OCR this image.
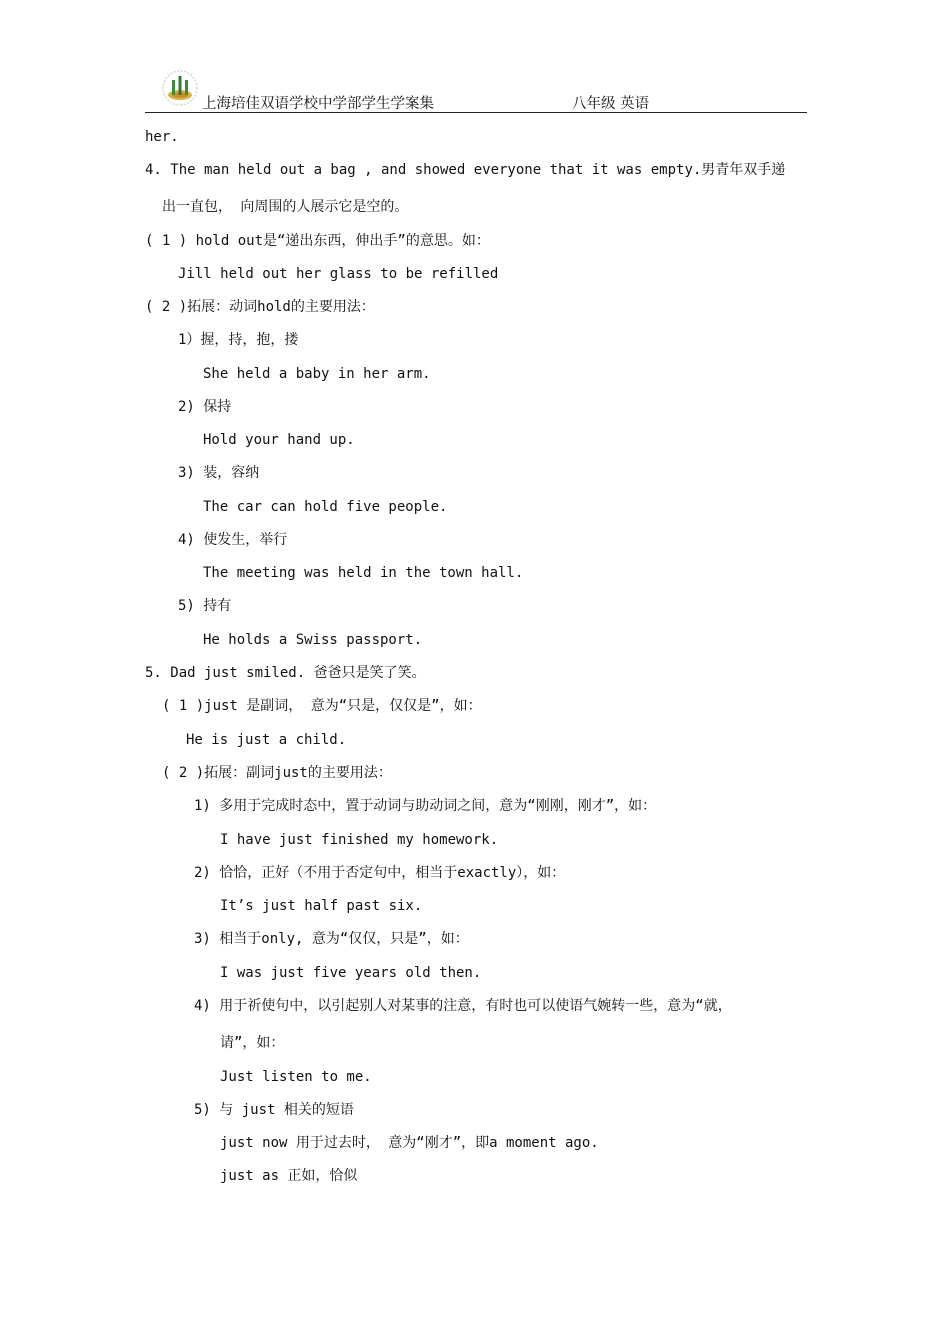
上海培佳双语学校中学部学生学案集	八年级 英语
her.
4. The man held out a bag , and showed everyone that it was empty.男青年双手递
出一直包， 向周围的人展示它是空的。
( 1 ) hold out是“递出东西，伸出手”的意思。如：
Jill held out her glass to be refilled
( 2 )拓展：动词hold的主要用法：
1）握，持，抱，搂
She held a baby in her arm.
2) 保持
Hold your hand up.
3) 装，容纳
The car can hold five people.
4) 使发生，举行
The meeting was held in the town hall.
5) 持有
He holds a Swiss passport.
5. Dad just smiled. 爸爸只是笑了笑。
( 1 )just 是副词， 意为“只是，仅仅是”，如：
He is just a child.
( 2 )拓展：副词just的主要用法：
1) 多用于完成时态中，置于动词与助动词之间，意为“刚刚，刚才”，如：
I have just finished my homework.
2) 恰恰，正好（不用于否定句中，相当于exactly），如：
It’s just half past six.
3) 相当于only, 意为“仅仅，只是”，如：
I was just five years old then.
4) 用于祈使句中，以引起别人对某事的注意，有时也可以使语气婉转一些，意为“就，
请”，如：
Just listen to me.
5) 与 just 相关的短语
just now 用于过去时， 意为“刚才”，即a moment ago.
just as 正如，恰似
